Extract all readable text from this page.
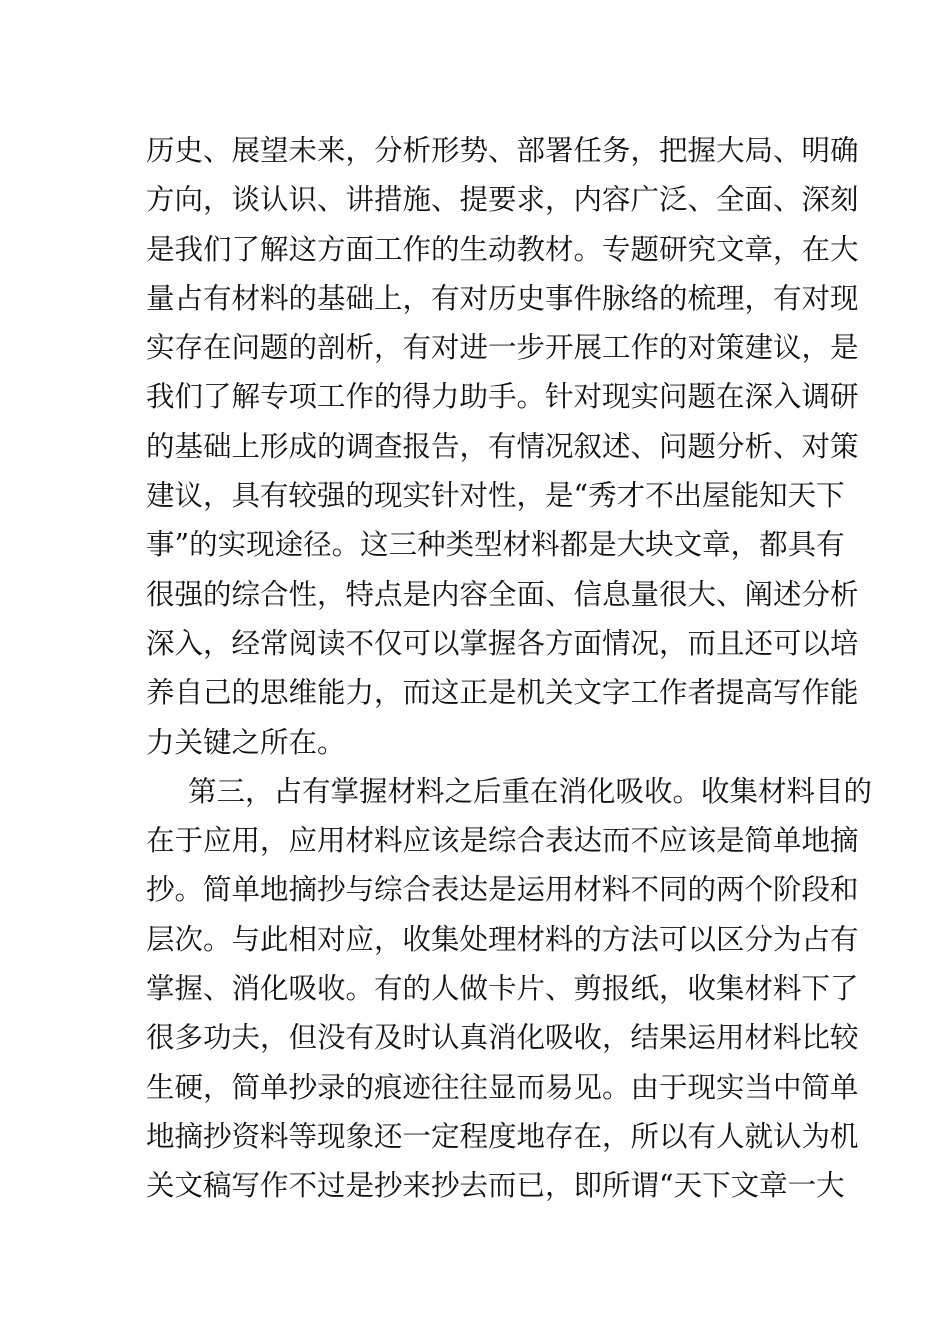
历史、展望未来，分析形势、部署任务，把握大局、明确
方向，谈认识、讲措施、提要求，内容广泛、全面、深刻
是我们了解这方面工作的生动教材。专题研究文章，在大
量占有材料的基础上，有对历史事件脉络的梳理，有对现
实存在问题的剖析，有对进一步开展工作的对策建议，是
我们了解专项工作的得力助手。针对现实问题在深入调研
的基础上形成的调查报告，有情况叙述、问题分析、对策
建议，具有较强的现实针对性，是“秀才不出屋能知天下
事”的实现途径。这三种类型材料都是大块文章，都具有
很强的综合性，特点是内容全面、信息量很大、阐述分析
深入，经常阅读不仅可以掌握各方面情况，而且还可以培
养自己的思维能力，而这正是机关文字工作者提高写作能
力关键之所在。
第三，占有掌握材料之后重在消化吸收。收集材料目的
在于应用，应用材料应该是综合表达而不应该是简单地摘
抄。简单地摘抄与综合表达是运用材料不同的两个阶段和
层次。与此相对应，收集处理材料的方法可以区分为占有
掌握、消化吸收。有的人做卡片、剪报纸，收集材料下了
很多功夫，但没有及时认真消化吸收，结果运用材料比较
生硬，简单抄录的痕迹往往显而易见。由于现实当中简单
地摘抄资料等现象还一定程度地存在，所以有人就认为机
关文稿写作不过是抄来抄去而已，即所谓“天下文章一大
